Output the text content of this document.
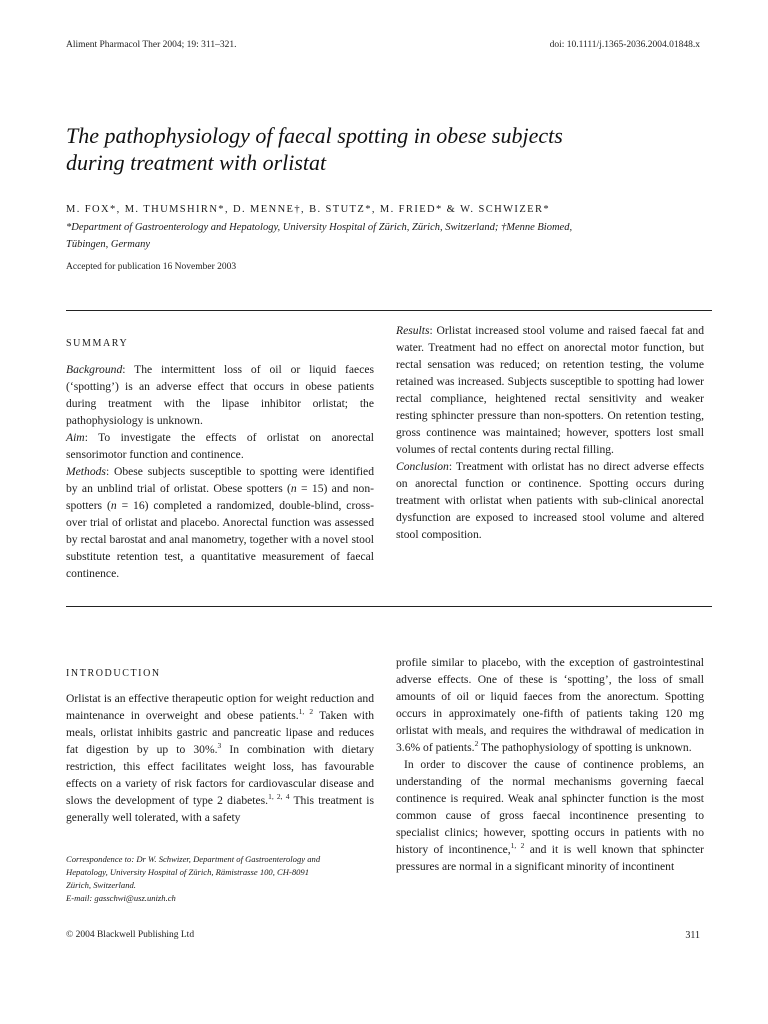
Aliment Pharmacol Ther 2004; 19: 311–321.	doi: 10.1111/j.1365-2036.2004.01848.x
The pathophysiology of faecal spotting in obese subjects
during treatment with orlistat
M. FOX*, M. THUMSHIRN*, D. MENNE†, B. STUTZ*, M. FRIED* & W. SCHWIZER*
*Department of Gastroenterology and Hepatology, University Hospital of Zürich, Zürich, Switzerland; †Menne Biomed,
Tübingen, Germany
Accepted for publication 16 November 2003
SUMMARY

Background: The intermittent loss of oil or liquid faeces (‘spotting’) is an adverse effect that occurs in obese patients during treatment with the lipase inhibitor orlistat; the pathophysiology is unknown.

Aim: To investigate the effects of orlistat on anorectal sensorimotor function and continence.

Methods: Obese subjects susceptible to spotting were identified by an unblind trial of orlistat. Obese spotters (n = 15) and non-spotters (n = 16) completed a randomized, double-blind, cross-over trial of orlistat and placebo. Anorectal function was assessed by rectal barostat and anal manometry, together with a novel stool substitute retention test, a quantitative measurement of faecal continence.

Results: Orlistat increased stool volume and raised faecal fat and water. Treatment had no effect on anorectal motor function, but rectal sensation was reduced; on retention testing, the volume retained was increased. Subjects susceptible to spotting had lower rectal compliance, heightened rectal sensitivity and weaker resting sphincter pressure than non-spotters. On retention testing, gross continence was maintained; however, spotters lost small volumes of rectal contents during rectal filling.

Conclusion: Treatment with orlistat has no direct adverse effects on anorectal function or continence. Spotting occurs during treatment with orlistat when patients with sub-clinical anorectal dysfunction are exposed to increased stool volume and altered stool composition.

INTRODUCTION

Orlistat is an effective therapeutic option for weight reduction and maintenance in overweight and obese patients.$^{1, 2}$ Taken with meals, orlistat inhibits gastric and pancreatic lipase and reduces fat digestion by up to 30%.$^3$ In combination with dietary restriction, this effect facilitates weight loss, has favourable effects on a variety of risk factors for cardiovascular disease and slows the development of type 2 diabetes.$^{1, 2, 4}$ This treatment is generally well tolerated, with a safety

profile similar to placebo, with the exception of gastrointestinal adverse effects. One of these is ‘spotting’, the loss of small amounts of oil or liquid faeces from the anorectum. Spotting occurs in approximately one-fifth of patients taking 120 mg orlistat with meals, and requires the withdrawal of medication in 3.6% of patients.$^2$ The pathophysiology of spotting is unknown.

In order to discover the cause of continence problems, an understanding of the normal mechanisms governing faecal continence is required. Weak anal sphincter function is the most common cause of gross faecal incontinence presenting to specialist clinics; however, spotting occurs in patients with no history of incontinence,$^{1, 2}$ and it is well known that sphincter pressures are normal in a significant minority of incontinent

Correspondence to: Dr W. Schwizer, Department of Gastroenterology and
Hepatology, University Hospital of Zürich, Rämistrasse 100, CH-8091
Zürich, Switzerland.
E-mail: gasschwi@usz.unizh.ch
© 2004 Blackwell Publishing Ltd	311
